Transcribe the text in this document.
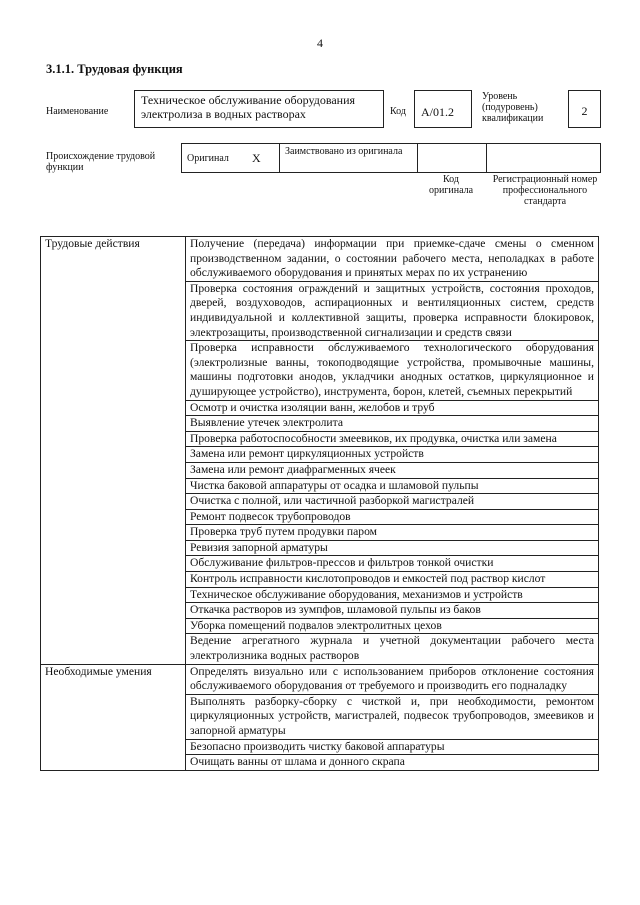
4
3.1.1. Трудовая функция
Наименование
Техническое обслуживание оборудования электролиза в водных растворах	Код	A/01.2
Уровень (подуровень) квалификации
2
Происхождение трудовой функции
Оригинал X Заимствовано из оригинала
Код оригинала
Регистрационный номер профессионального стандарта
Трудовые действия	Получение (передача) информации при приемке-сдаче смены о сменном производственном задании, о состоянии рабочего места, неполадках в работе обслуживаемого оборудования и принятых мерах по их устранению
	Проверка состояния ограждений и защитных устройств, состояния проходов, дверей, воздуховодов, аспирационных и вентиляционных систем, средств индивидуальной и коллективной защиты, проверка исправности блокировок, электрозащиты, производственной сигнализации и средств связи
	Проверка исправности обслуживаемого технологического оборудования (электролизные ванны, токоподводящие устройства, промывочные машины, машины подготовки анодов, укладчики анодных остатков, циркуляционное и душирующее устройство), инструмента, борон, клетей, съемных перекрытий
	Осмотр и очистка изоляции ванн, желобов и труб
	Выявление утечек электролита
	Проверка работоспособности змеевиков, их продувка, очистка или замена
	Замена или ремонт циркуляционных устройств
	Замена или ремонт диафрагменных ячеек
	Чистка баковой аппаратуры от осадка и шламовой пульпы
	Очистка с полной, или частичной разборкой магистралей
	Ремонт подвесок трубопроводов
	Проверка труб путем продувки паром
	Ревизия запорной арматуры
	Обслуживание фильтров-прессов и фильтров тонкой очистки
	Контроль исправности кислотопроводов и емкостей под раствор кислот
	Техническое обслуживание оборудования, механизмов и устройств
	Откачка растворов из зумпфов, шламовой пульпы из баков
	Уборка помещений подвалов электролитных цехов
	Ведение агрегатного журнала и учетной документации рабочего места электролизника водных растворов
Необходимые умения	Определять визуально или с использованием приборов отклонение состояния обслуживаемого оборудования от требуемого и производить его подналадку
	Выполнять разборку-сборку с чисткой и, при необходимости, ремонтом циркуляционных устройств, магистралей, подвесок трубопроводов, змеевиков и запорной арматуры
	Безопасно производить чистку баковой аппаратуры
	Очищать ванны от шлама и донного скрапа
